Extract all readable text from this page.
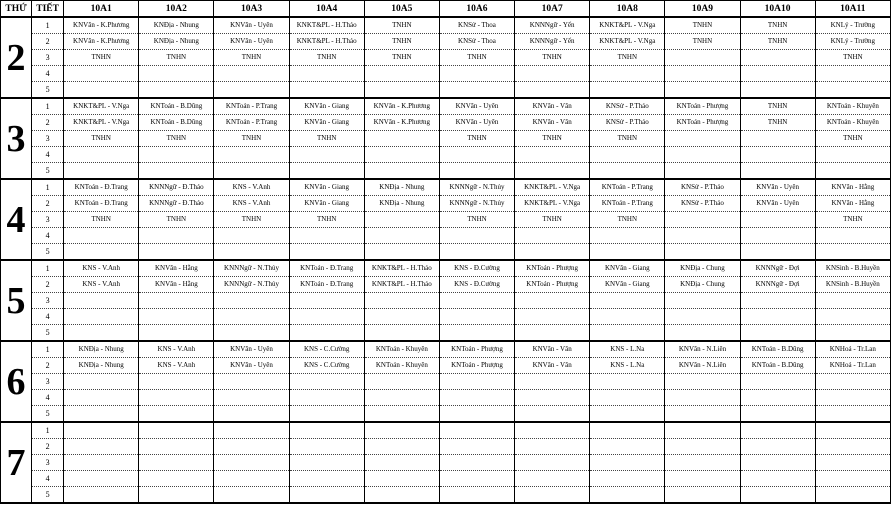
THỨ	TIẾT	10A1	10A2	10A3	10A4	10A5	10A6	10A7	10A8	10A9	10A10	10A11
2	1	KNVăn - K.Phương	KNĐịa - Nhung	KNVăn - Uyên	KNKT&PL - H.Thảo	TNHN	KNSử - Thoa	KNNNgữ - Yến	KNKT&PL - V.Nga	TNHN	TNHN	KNLý - Trường
	2	KNVăn - K.Phương	KNĐịa - Nhung	KNVăn - Uyên	KNKT&PL - H.Thảo	TNHN	KNSử - Thoa	KNNNgữ - Yến	KNKT&PL - V.Nga	TNHN	TNHN	KNLý - Trường
	3	TNHN	TNHN	TNHN	TNHN	TNHN	TNHN	TNHN	TNHN			TNHN
	4											
	5											
3	1	KNKT&PL - V.Nga	KNToán - B.Dũng	KNToán - P.Trang	KNVăn - Giang	KNVăn - K.Phương	KNVăn - Uyên	KNVăn - Vân	KNSử - P.Thảo	KNToán - Phượng	TNHN	KNToán - Khuyên
	2	KNKT&PL - V.Nga	KNToán - B.Dũng	KNToán - P.Trang	KNVăn - Giang	KNVăn - K.Phương	KNVăn - Uyên	KNVăn - Vân	KNSử - P.Thảo	KNToán - Phượng	TNHN	KNToán - Khuyên
	3	TNHN	TNHN	TNHN	TNHN		TNHN	TNHN	TNHN			TNHN
	4											
	5											
4	1	KNToán - Đ.Trang	KNNNgữ - Đ.Thảo	KNS - V.Anh	KNVăn - Giang	KNĐịa - Nhung	KNNNgữ - N.Thủy	KNKT&PL - V.Nga	KNToán - P.Trang	KNSử - P.Thảo	KNVăn - Uyên	KNVăn - Hằng
	2	KNToán - Đ.Trang	KNNNgữ - Đ.Thảo	KNS - V.Anh	KNVăn - Giang	KNĐịa - Nhung	KNNNgữ - N.Thủy	KNKT&PL - V.Nga	KNToán - P.Trang	KNSử - P.Thảo	KNVăn - Uyên	KNVăn - Hằng
	3	TNHN	TNHN	TNHN	TNHN		TNHN	TNHN	TNHN			TNHN
	4											
	5											
5	1	KNS - V.Anh	KNVăn - Hằng	KNNNgữ - N.Thủy	KNToán - Đ.Trang	KNKT&PL - H.Thảo	KNS - Đ.Cường	KNToán - Phượng	KNVăn - Giang	KNĐịa - Chung	KNNNgữ - Đợi	KNSinh - B.Huyền
	2	KNS - V.Anh	KNVăn - Hằng	KNNNgữ - N.Thủy	KNToán - Đ.Trang	KNKT&PL - H.Thảo	KNS - Đ.Cường	KNToán - Phượng	KNVăn - Giang	KNĐịa - Chung	KNNNgữ - Đợi	KNSinh - B.Huyền
	3											
	4											
	5											
6	1	KNĐịa - Nhung	KNS - V.Anh	KNVăn - Uyên	KNS - C.Cường	KNToán - Khuyên	KNToán - Phượng	KNVăn - Vân	KNS - L.Na	KNVăn - N.Liên	KNToán - B.Dũng	KNHoá - Tr.Lan
	2	KNĐịa - Nhung	KNS - V.Anh	KNVăn - Uyên	KNS - C.Cường	KNToán - Khuyên	KNToán - Phượng	KNVăn - Vân	KNS - L.Na	KNVăn - N.Liên	KNToán - B.Dũng	KNHoá - Tr.Lan
	3											
	4											
	5											
7	1											
	2											
	3											
	4											
	5											
